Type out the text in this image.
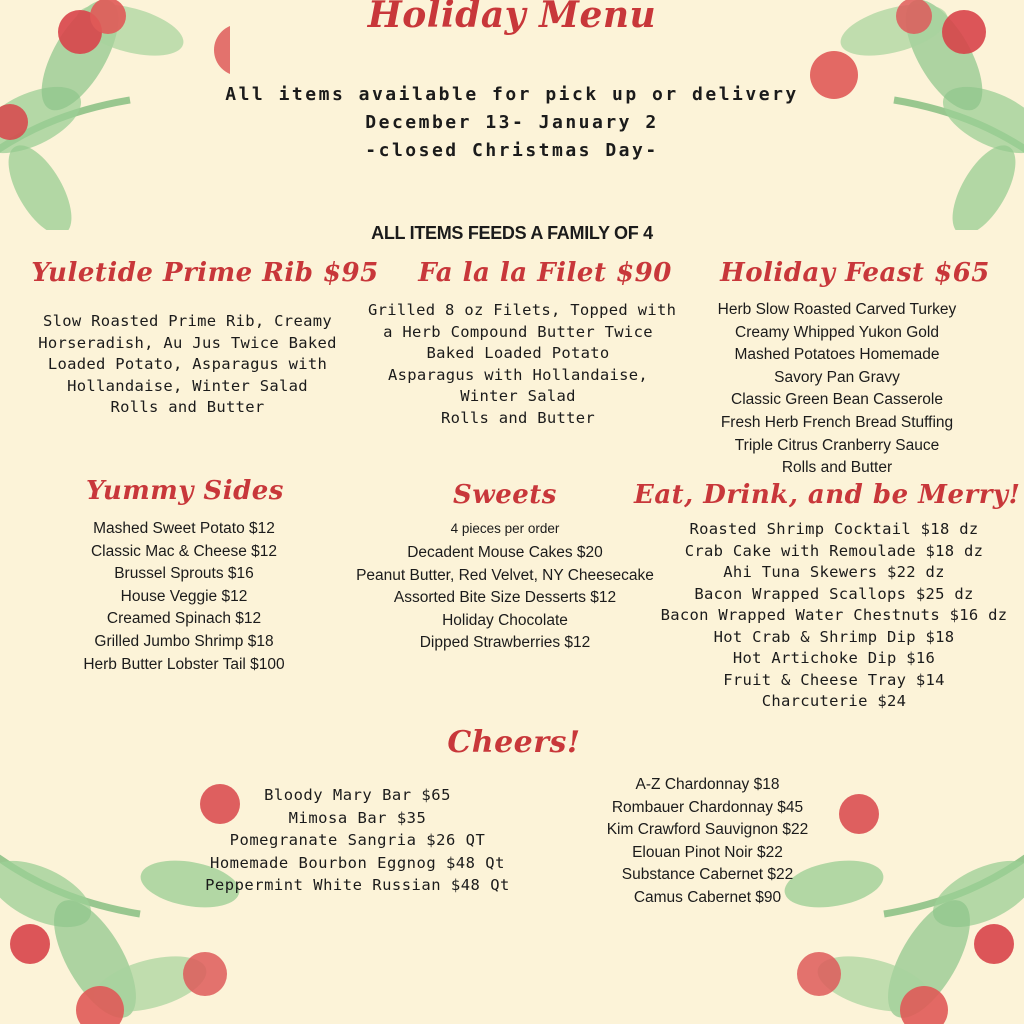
Holiday Menu
All items available for pick up or delivery
December 13- January 2
-closed Christmas Day-
ALL ITEMS FEEDS A FAMILY OF 4
Yuletide Prime Rib $95
Slow Roasted Prime Rib, Creamy
Horseradish, Au Jus Twice Baked
Loaded Potato, Asparagus with
Hollandaise, Winter Salad
Rolls and Butter
Fa la la Filet $90
Grilled 8 oz Filets, Topped with
a Herb Compound Butter Twice
Baked Loaded Potato
Asparagus with Hollandaise,
Winter Salad
Rolls and Butter
Holiday Feast $65
Herb Slow Roasted Carved Turkey
Creamy Whipped Yukon Gold
Mashed Potatoes Homemade
Savory Pan Gravy
Classic Green Bean Casserole
Fresh Herb French Bread Stuffing
Triple Citrus Cranberry Sauce
Rolls and Butter
Yummy Sides
Mashed Sweet Potato $12
Classic Mac & Cheese $12
Brussel Sprouts $16
House Veggie $12
Creamed Spinach $12
Grilled Jumbo Shrimp $18
Herb Butter Lobster Tail $100
Sweets
4 pieces per order
Decadent Mouse Cakes $20
Peanut Butter, Red Velvet, NY Cheesecake
Assorted Bite Size Desserts $12
Holiday Chocolate
Dipped Strawberries $12
Eat, Drink, and be Merry!
Roasted Shrimp Cocktail $18 dz
Crab Cake with Remoulade $18 dz
Ahi Tuna Skewers $22 dz
Bacon Wrapped Scallops $25 dz
Bacon Wrapped Water Chestnuts $16 dz
Hot Crab & Shrimp Dip $18
Hot Artichoke Dip $16
Fruit & Cheese Tray $14
Charcuterie $24
Cheers!
Bloody Mary Bar $65
Mimosa Bar $35
Pomegranate Sangria $26 QT
Homemade Bourbon Eggnog $48 Qt
Peppermint White Russian $48 Qt
A-Z Chardonnay $18
Rombauer Chardonnay $45
Kim Crawford Sauvignon $22
Elouan Pinot Noir $22
Substance Cabernet $22
Camus Cabernet $90
